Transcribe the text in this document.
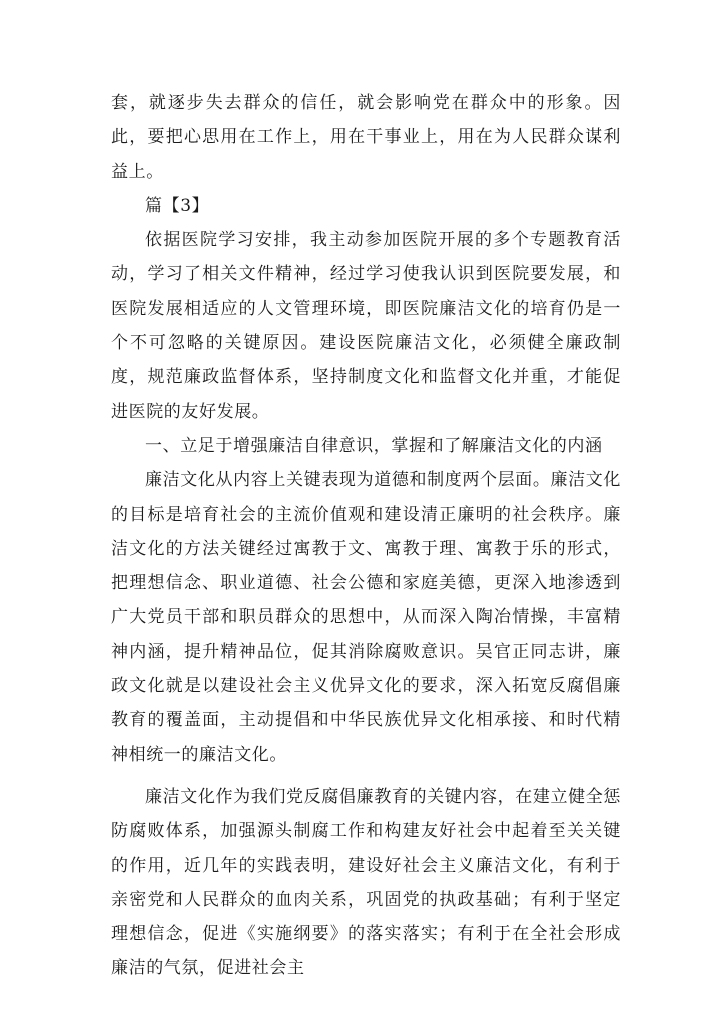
套，就逐步失去群众的信任，就会影响党在群众中的形象。因此，要把心思用在工作上，用在干事业上，用在为人民群众谋利益上。

篇【3】

依据医院学习安排，我主动参加医院开展的多个专题教育活动，学习了相关文件精神，经过学习使我认识到医院要发展，和医院发展相适应的人文管理环境，即医院廉洁文化的培育仍是一个不可忽略的关键原因。建设医院廉洁文化，必须健全廉政制度，规范廉政监督体系，坚持制度文化和监督文化并重，才能促进医院的友好发展。

一、立足于增强廉洁自律意识，掌握和了解廉洁文化的内涵

廉洁文化从内容上关键表现为道德和制度两个层面。廉洁文化的目标是培育社会的主流价值观和建设清正廉明的社会秩序。廉洁文化的方法关键经过寓教于文、寓教于理、寓教于乐的形式，把理想信念、职业道德、社会公德和家庭美德，更深入地渗透到广大党员干部和职员群众的思想中，从而深入陶冶情操，丰富精神内涵，提升精神品位，促其消除腐败意识。吴官正同志讲，廉政文化就是以建设社会主义优异文化的要求，深入拓宽反腐倡廉教育的覆盖面，主动提倡和中华民族优异文化相承接、和时代精神相统一的廉洁文化。

廉洁文化作为我们党反腐倡廉教育的关键内容，在建立健全惩防腐败体系，加强源头制腐工作和构建友好社会中起着至关关键的作用，近几年的实践表明，建设好社会主义廉洁文化，有利于亲密党和人民群众的血肉关系，巩固党的执政基础；有利于坚定理想信念，促进《实施纲要》的落实落实；有利于在全社会形成廉洁的气氛，促进社会主
